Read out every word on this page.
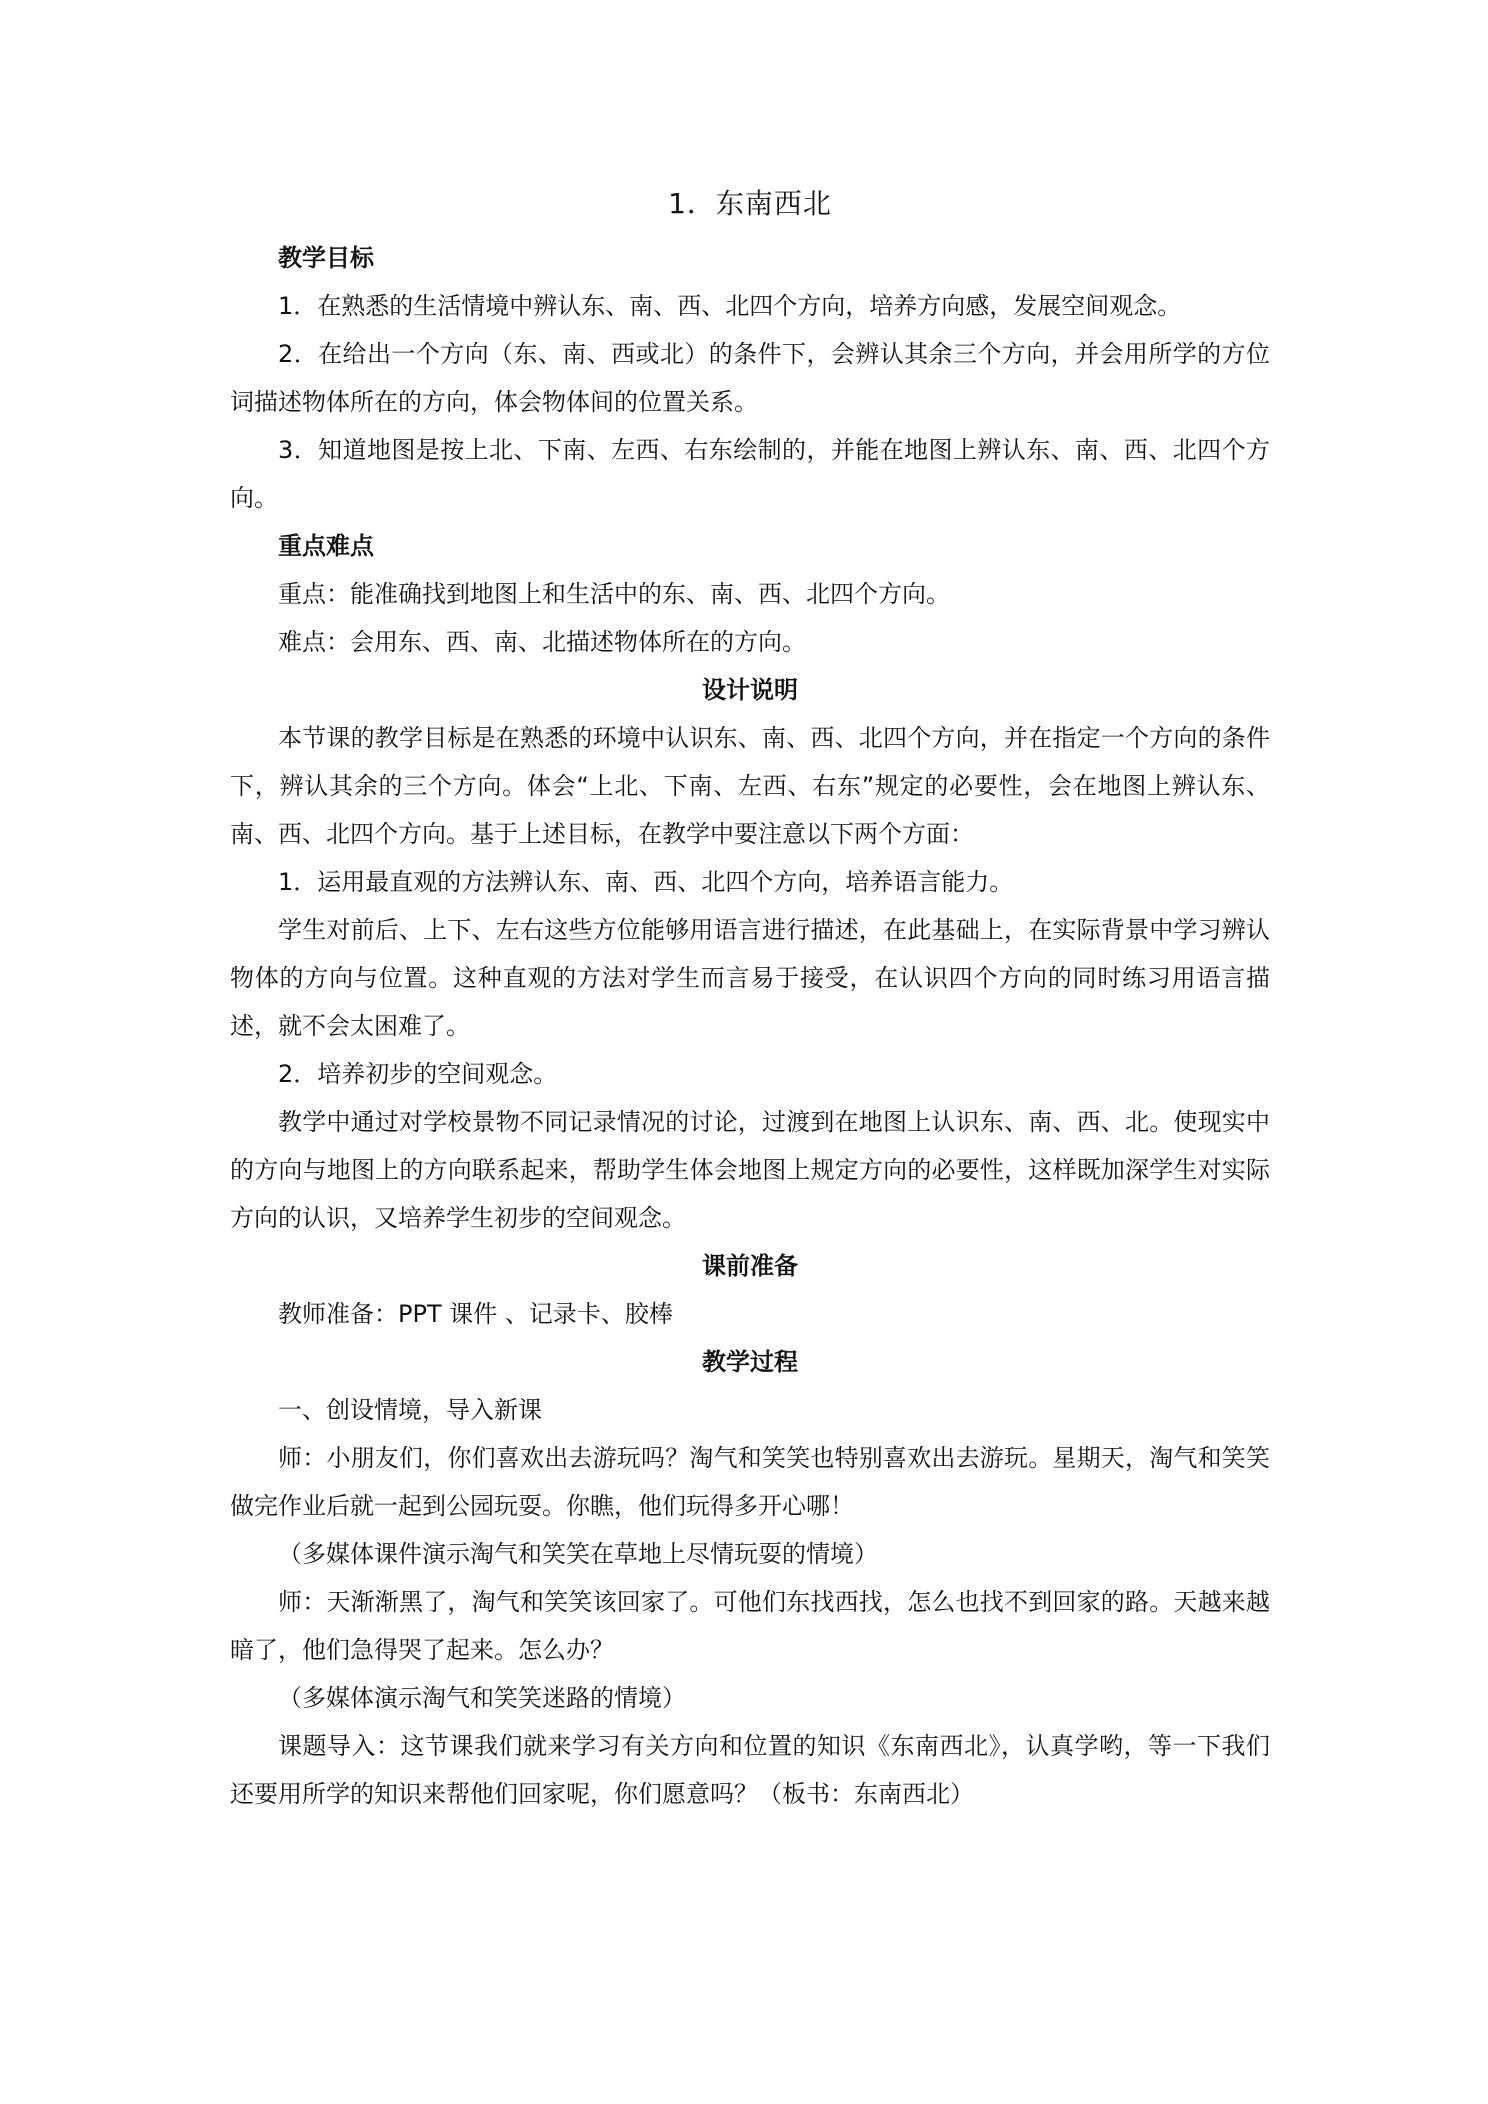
1．东南西北
教学目标

1．在熟悉的生活情境中辨认东、南、西、北四个方向，培养方向感，发展空间观念。

2．在给出一个方向（东、南、西或北）的条件下，会辨认其余三个方向，并会用所学的方位词描述物体所在的方向，体会物体间的位置关系。

3．知道地图是按上北、下南、左西、右东绘制的，并能在地图上辨认东、南、西、北四个方向。

重点难点

重点：能准确找到地图上和生活中的东、南、西、北四个方向。

难点：会用东、西、南、北描述物体所在的方向。

设计说明

本节课的教学目标是在熟悉的环境中认识东、南、西、北四个方向，并在指定一个方向的条件下，辨认其余的三个方向。体会“上北、下南、左西、右东”规定的必要性，会在地图上辨认东、南、西、北四个方向。基于上述目标，在教学中要注意以下两个方面：

1．运用最直观的方法辨认东、南、西、北四个方向，培养语言能力。

学生对前后、上下、左右这些方位能够用语言进行描述，在此基础上，在实际背景中学习辨认物体的方向与位置。这种直观的方法对学生而言易于接受，在认识四个方向的同时练习用语言描述，就不会太困难了。

2．培养初步的空间观念。

教学中通过对学校景物不同记录情况的讨论，过渡到在地图上认识东、南、西、北。使现实中的方向与地图上的方向联系起来，帮助学生体会地图上规定方向的必要性，这样既加深学生对实际方向的认识，又培养学生初步的空间观念。

课前准备

教师准备：PPT 课件 、记录卡、胶棒

教学过程

一、创设情境，导入新课

师：小朋友们，你们喜欢出去游玩吗？淘气和笑笑也特别喜欢出去游玩。星期天，淘气和笑笑做完作业后就一起到公园玩耍。你瞧，他们玩得多开心哪！

（多媒体课件演示淘气和笑笑在草地上尽情玩耍的情境）

师：天渐渐黑了，淘气和笑笑该回家了。可他们东找西找，怎么也找不到回家的路。天越来越暗了，他们急得哭了起来。怎么办？

（多媒体演示淘气和笑笑迷路的情境）

课题导入：这节课我们就来学习有关方向和位置的知识《东南西北》，认真学哟，等一下我们还要用所学的知识来帮他们回家呢，你们愿意吗？（板书：东南西北）
